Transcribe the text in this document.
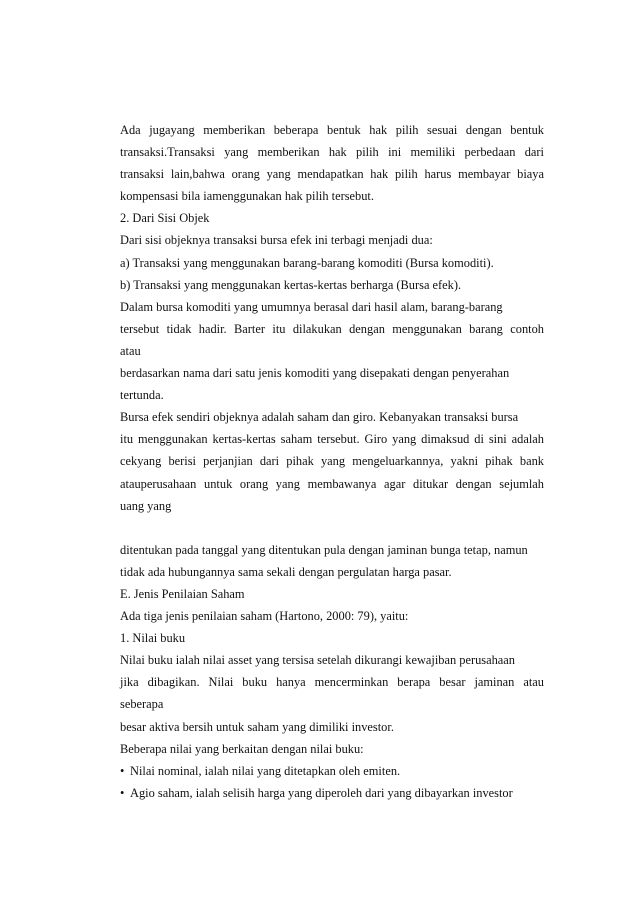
Ada jugayang memberikan beberapa bentuk hak pilih sesuai dengan bentuk
transaksi.Transaksi yang memberikan hak pilih ini memiliki perbedaan dari
transaksi lain,bahwa orang yang mendapatkan hak pilih harus membayar biaya
kompensasi bila iamenggunakan hak pilih tersebut.
2. Dari Sisi Objek
Dari sisi objeknya transaksi bursa efek ini terbagi menjadi dua:
a) Transaksi yang menggunakan barang-barang komoditi (Bursa komoditi).
b) Transaksi yang menggunakan kertas-kertas berharga (Bursa efek).
Dalam bursa komoditi yang umumnya berasal dari hasil alam, barang-barang
tersebut tidak hadir. Barter itu dilakukan dengan menggunakan barang contoh
atau
berdasarkan nama dari satu jenis komoditi yang disepakati dengan penyerahan
tertunda.
Bursa efek sendiri objeknya adalah saham dan giro. Kebanyakan transaksi bursa
itu menggunakan kertas-kertas saham tersebut. Giro yang dimaksud di sini adalah
cekyang berisi perjanjian dari pihak yang mengeluarkannya, yakni pihak bank
atauperusahaan untuk orang yang membawanya agar ditukar dengan sejumlah
uang yang
ditentukan pada tanggal yang ditentukan pula dengan jaminan bunga tetap, namun
tidak ada hubungannya sama sekali dengan pergulatan harga pasar.
E. Jenis Penilaian Saham
Ada tiga jenis penilaian saham (Hartono, 2000: 79), yaitu:
1. Nilai buku
Nilai buku ialah nilai asset yang tersisa setelah dikurangi kewajiban perusahaan
jika dibagikan. Nilai buku hanya mencerminkan berapa besar jaminan atau
seberapa
besar aktiva bersih untuk saham yang dimiliki investor.
Beberapa nilai yang berkaitan dengan nilai buku:
• Nilai nominal, ialah nilai yang ditetapkan oleh emiten.
• Agio saham, ialah selisih harga yang diperoleh dari yang dibayarkan investor
